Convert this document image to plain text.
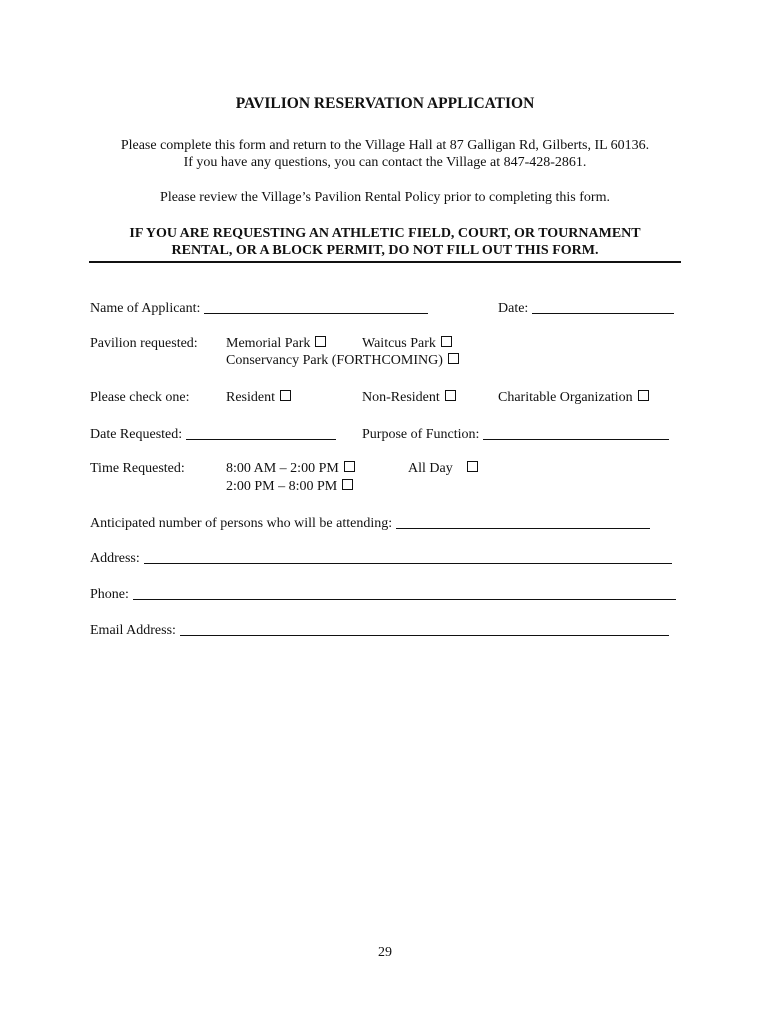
PAVILION RESERVATION APPLICATION
Please complete this form and return to the Village Hall at 87 Galligan Rd, Gilberts, IL 60136.
If you have any questions, you can contact the Village at 847-428-2861.
Please review the Village’s Pavilion Rental Policy prior to completing this form.
IF YOU ARE REQUESTING AN ATHLETIC FIELD, COURT, OR TOURNAMENT
RENTAL, OR A BLOCK PERMIT, DO NOT FILL OUT THIS FORM.
Name of Applicant:	Date:
Pavilion requested: Memorial Park	Waitcus Park
Conservancy Park (FORTHCOMING)
Please check one:	Resident	Non-Resident	Charitable Organization
Date Requested:	Purpose of Function:
Time Requested:	8:00 AM – 2:00 PM	All Day
2:00 PM – 8:00 PM
Anticipated number of persons who will be attending:
Address:
Phone:
Email Address:
29
